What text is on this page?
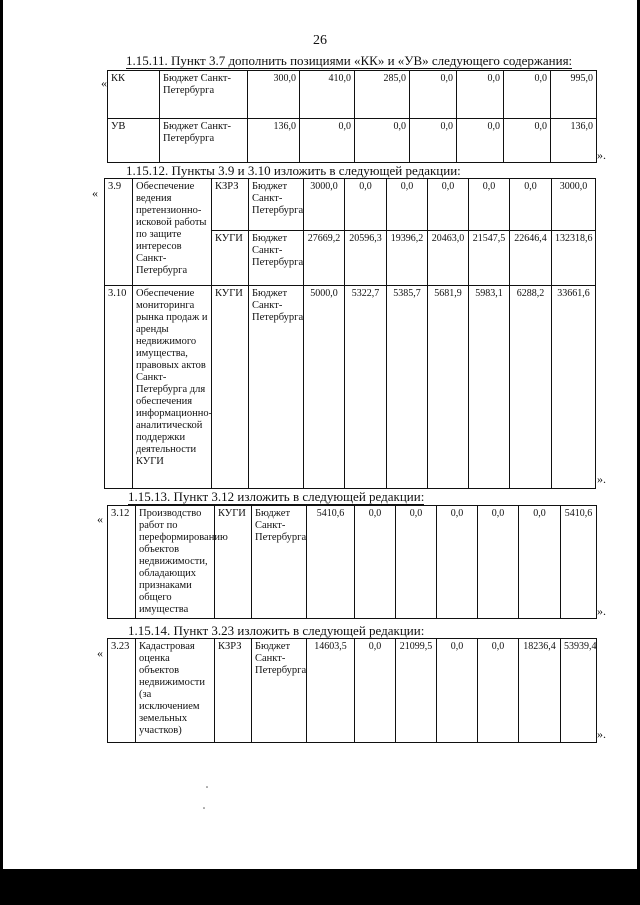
26
1.15.11. Пункт 3.7 дополнить позициями «КК» и «УВ» следующего содержания:
« КК	Бюджет Санкт-Петербурга	300,0	410,0	285,0	0,0	0,0	0,0	995,0
УВ	Бюджет Санкт-Петербурга	136,0	0,0	0,0	0,0	0,0	0,0	136,0
».
1.15.12. Пункты 3.9 и 3.10 изложить в следующей редакции:
« 3.9	Обеспечение ведения претензионно-исковой работы по защите интересов Санкт-Петербурга	КЗРЗ	Бюджет Санкт-Петербурга	3000,0	0,0	0,0	0,0	0,0	0,0	3000,0
		КУГИ	Бюджет Санкт-Петербурга	27669,2	20596,3	19396,2	20463,0	21547,5	22646,4	132318,6
3.10	Обеспечение мониторинга рынка продаж и аренды недвижимого имущества, правовых актов Санкт-Петербурга для обеспечения информационно-аналитической поддержки деятельности КУГИ	КУГИ	Бюджет Санкт-Петербурга	5000,0	5322,7	5385,7	5681,9	5983,1	6288,2	33661,6
».
1.15.13. Пункт 3.12 изложить в следующей редакции:
« 3.12	Производство работ по переформированию объектов недвижимости, обладающих признаками общего имущества	КУГИ	Бюджет Санкт-Петербурга	5410,6	0,0	0,0	0,0	0,0	0,0	5410,6
».
1.15.14. Пункт 3.23 изложить в следующей редакции:
« 3.23	Кадастровая оценка объектов недвижимости (за исключением земельных участков)	КЗРЗ	Бюджет Санкт-Петербурга	14603,5	0,0	21099,5	0,0	0,0	18236,4	53939,4
».
